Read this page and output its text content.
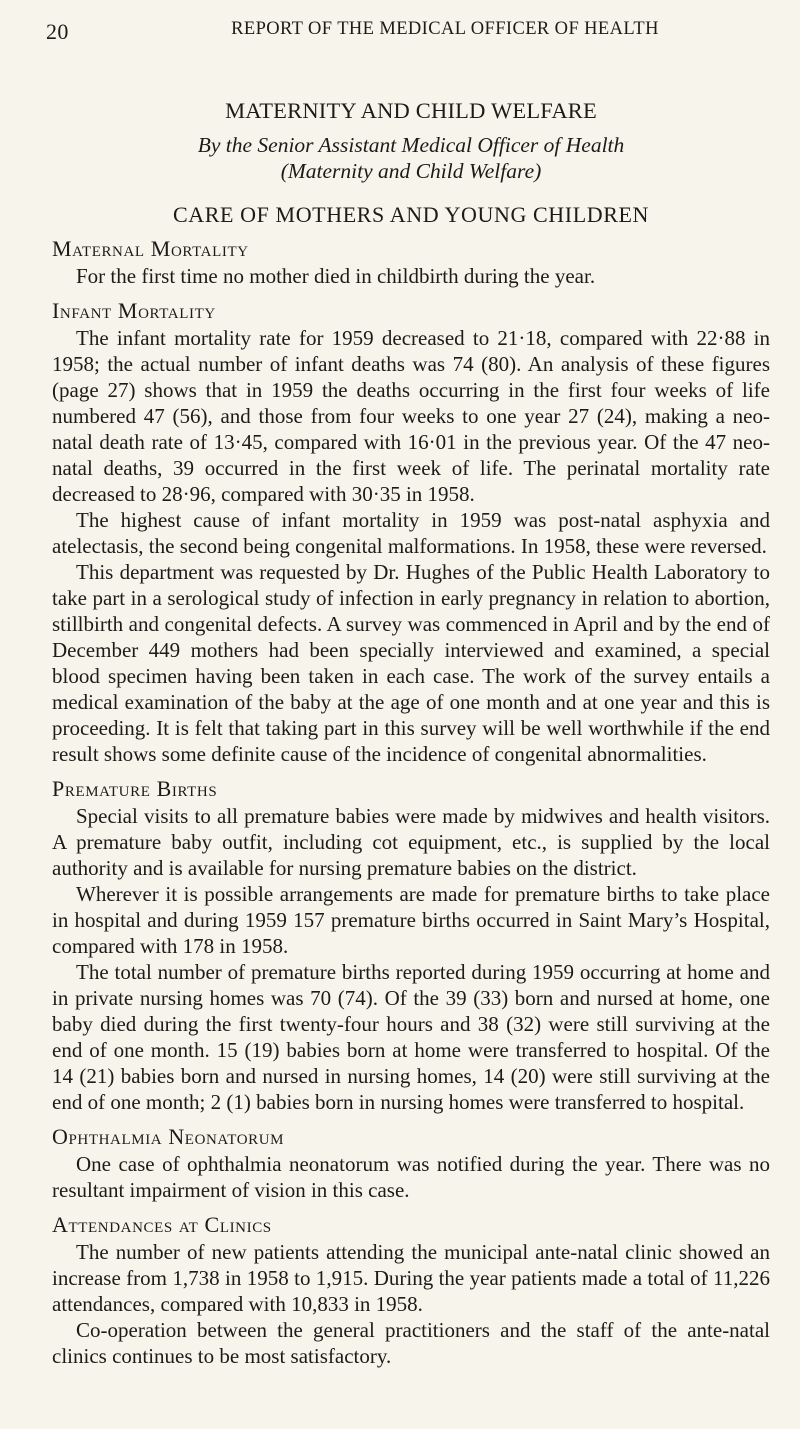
20	REPORT OF THE MEDICAL OFFICER OF HEALTH
MATERNITY AND CHILD WELFARE
By the Senior Assistant Medical Officer of Health
(Maternity and Child Welfare)
CARE OF MOTHERS AND YOUNG CHILDREN
Maternal Mortality

For the first time no mother died in childbirth during the year.

Infant Mortality

The infant mortality rate for 1959 decreased to 21·18, compared with 22·88 in 1958; the actual number of infant deaths was 74 (80). An analysis of these figures (page 27) shows that in 1959 the deaths occurring in the first four weeks of life numbered 47 (56), and those from four weeks to one year 27 (24), making a neo-natal death rate of 13·45, compared with 16·01 in the previous year. Of the 47 neo-natal deaths, 39 occurred in the first week of life. The perinatal mortality rate decreased to 28·96, compared with 30·35 in 1958.

The highest cause of infant mortality in 1959 was post-natal asphyxia and atelectasis, the second being congenital malformations. In 1958, these were reversed.

This department was requested by Dr. Hughes of the Public Health Laboratory to take part in a serological study of infection in early pregnancy in relation to abortion, stillbirth and congenital defects. A survey was commenced in April and by the end of December 449 mothers had been specially interviewed and examined, a special blood specimen having been taken in each case. The work of the survey entails a medical examination of the baby at the age of one month and at one year and this is proceeding. It is felt that taking part in this survey will be well worthwhile if the end result shows some definite cause of the incidence of congenital abnormalities.

Premature Births

Special visits to all premature babies were made by midwives and health visitors. A premature baby outfit, including cot equipment, etc., is supplied by the local authority and is available for nursing premature babies on the district.

Wherever it is possible arrangements are made for premature births to take place in hospital and during 1959 157 premature births occurred in Saint Mary’s Hospital, compared with 178 in 1958.

The total number of premature births reported during 1959 occurring at home and in private nursing homes was 70 (74). Of the 39 (33) born and nursed at home, one baby died during the first twenty-four hours and 38 (32) were still surviving at the end of one month. 15 (19) babies born at home were transferred to hospital. Of the 14 (21) babies born and nursed in nursing homes, 14 (20) were still surviving at the end of one month; 2 (1) babies born in nursing homes were transferred to hospital.

Ophthalmia Neonatorum

One case of ophthalmia neonatorum was notified during the year. There was no resultant impairment of vision in this case.

Attendances at Clinics

The number of new patients attending the municipal ante-natal clinic showed an increase from 1,738 in 1958 to 1,915. During the year patients made a total of 11,226 attendances, compared with 10,833 in 1958.

Co-operation between the general practitioners and the staff of the ante-natal clinics continues to be most satisfactory.
